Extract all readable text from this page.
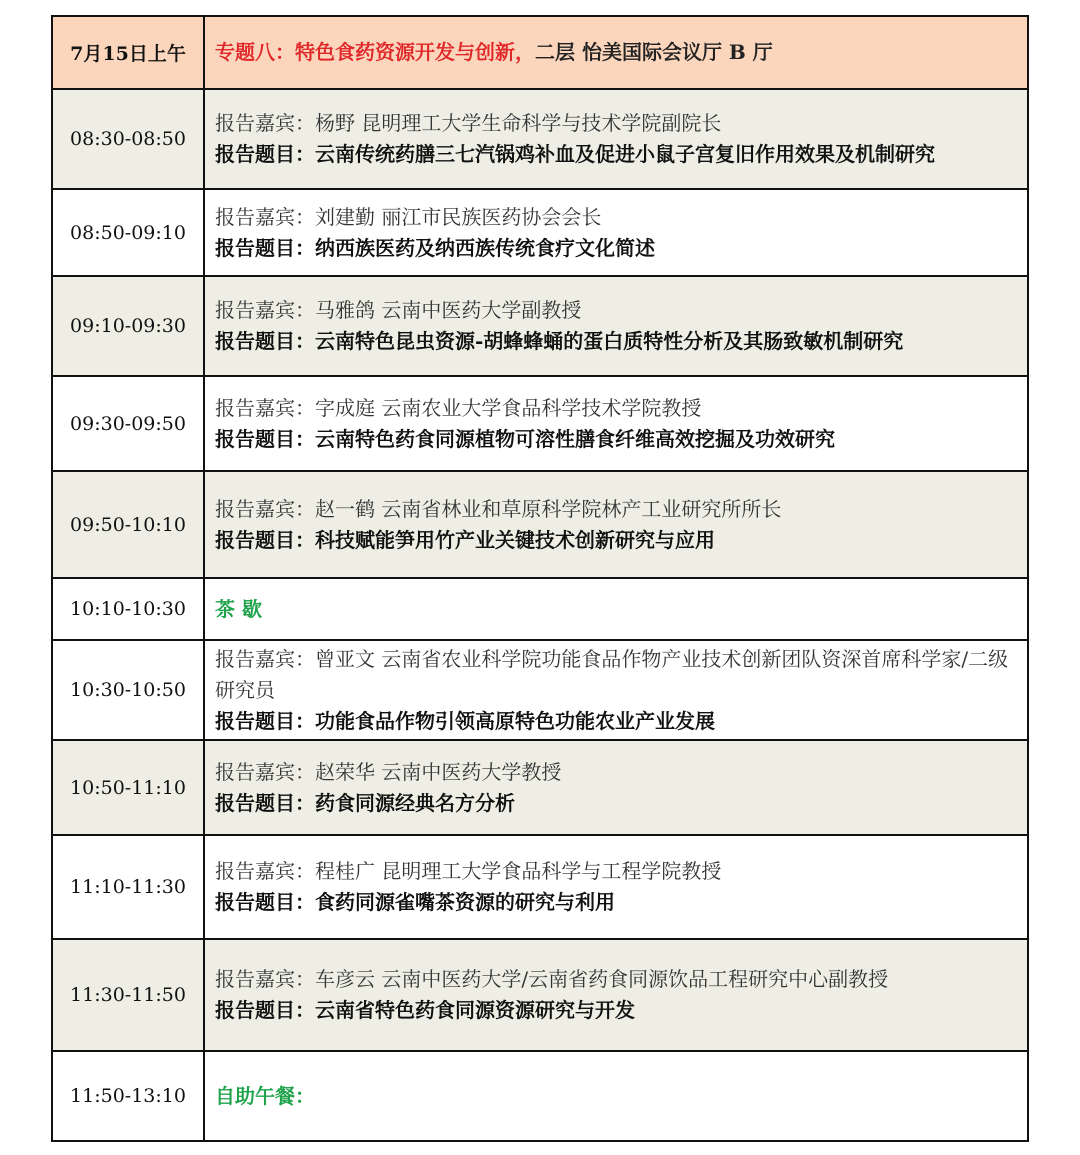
7月15日上午	专题八：特色食药资源开发与创新，二层 怡美国际会议厅 B 厅
08:30-08:50	报告嘉宾：杨野 昆明理工大学生命科学与技术学院副院长
报告题目：云南传统药膳三七汽锅鸡补血及促进小鼠子宫复旧作用效果及机制研究

08:50-09:10	报告嘉宾：刘建勤 丽江市民族医药协会会长
报告题目：纳西族医药及纳西族传统食疗文化简述

09:10-09:30	报告嘉宾：马雅鸽 云南中医药大学副教授
报告题目：云南特色昆虫资源-胡蜂蜂蛹的蛋白质特性分析及其肠致敏机制研究

09:30-09:50	报告嘉宾：字成庭 云南农业大学食品科学技术学院教授
报告题目：云南特色药食同源植物可溶性膳食纤维高效挖掘及功效研究

09:50-10:10	报告嘉宾：赵一鹤 云南省林业和草原科学院林产工业研究所所长
报告题目：科技赋能笋用竹产业关键技术创新研究与应用

10:10-10:30	茶 歇
10:30-10:50	报告嘉宾：曾亚文 云南省农业科学院功能食品作物产业技术创新团队资深首席科学家/二级研究员
报告题目：功能食品作物引领高原特色功能农业产业发展

10:50-11:10	报告嘉宾：赵荣华 云南中医药大学教授
报告题目：药食同源经典名方分析

11:10-11:30	报告嘉宾：程桂广 昆明理工大学食品科学与工程学院教授
报告题目：食药同源雀嘴茶资源的研究与利用

11:30-11:50	报告嘉宾：车彦云 云南中医药大学/云南省药食同源饮品工程研究中心副教授
报告题目：云南省特色药食同源资源研究与开发

11:50-13:10	自助午餐：
